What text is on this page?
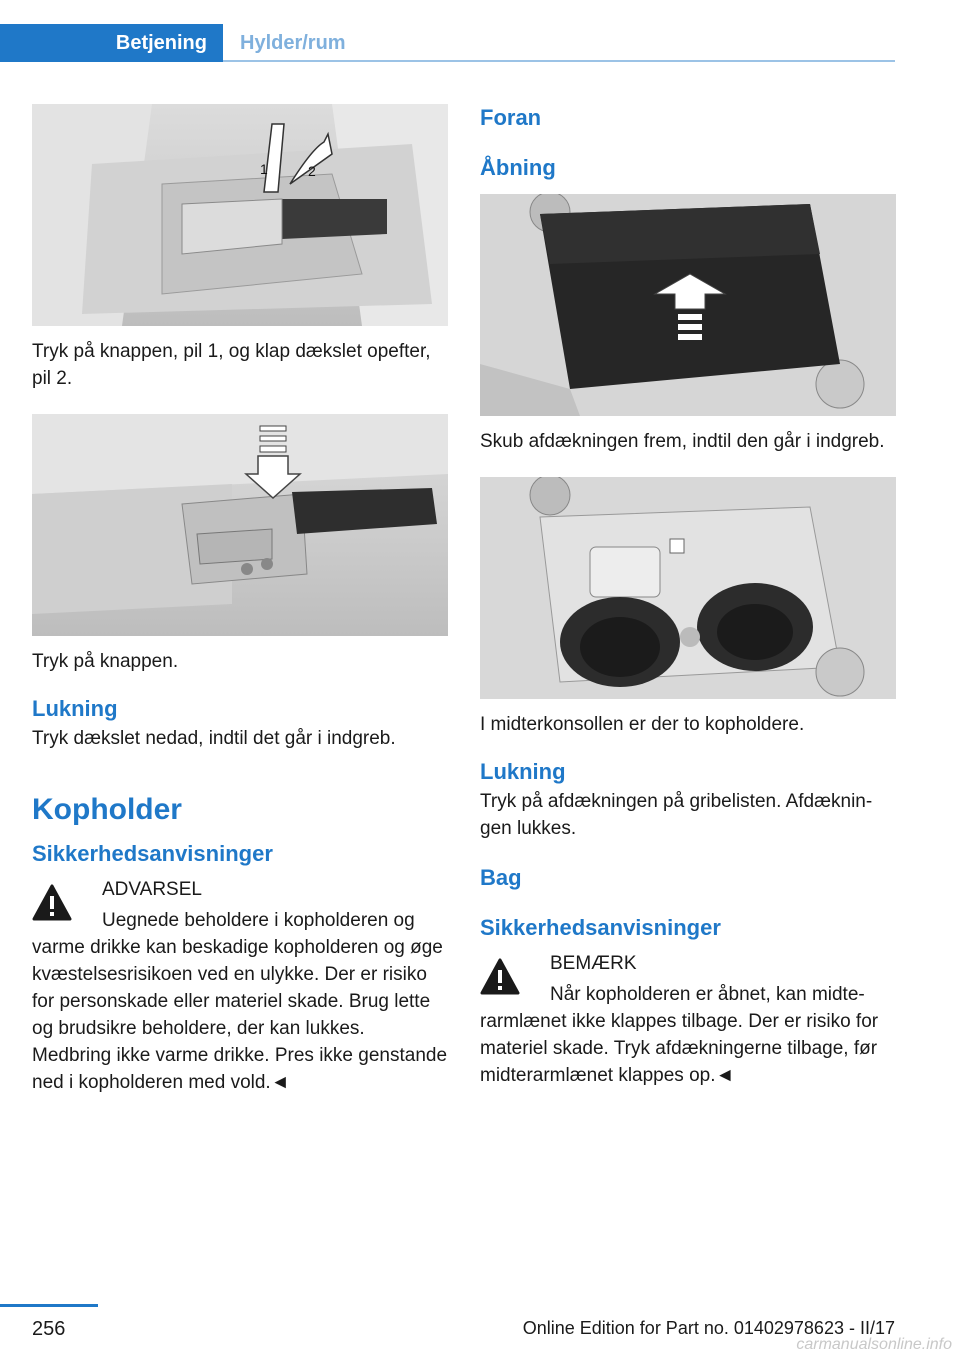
Betjening	Hylder/rum
1	2

Tryk på knappen, pil 1, og klap dækslet opefter, pil 2.

Tryk på knappen.

Lukning

Tryk dækslet nedad, indtil det går i indgreb.

Kopholder

Sikkerhedsanvisninger

ADVARSEL

Uegnede beholdere i kopholderen og varme drikke kan beskadige kopholderen og øge kvæstelsesrisikoen ved en ulykke. Der er risiko for personskade eller materiel skade. Brug lette og brudsikre beholdere, der kan lukkes. Medbring ikke varme drikke. Pres ikke genstande ned i kopholderen med vold.◄

Foran

Åbning

Skub afdækningen frem, indtil den går i indgreb.

I midterkonsollen er der to kopholdere.

Lukning

Tryk på afdækningen på gribelisten. Afdækningen lukkes.

Bag

Sikkerhedsanvisninger

BEMÆRK

Når kopholderen er åbnet, kan midterarmlænet ikke klappes tilbage. Der er risiko for materiel skade. Tryk afdækningerne tilbage, før midterarmlænet klappes op.◄

256	Online Edition for Part no. 01402978623 - II/17
carmanualsonline.info
